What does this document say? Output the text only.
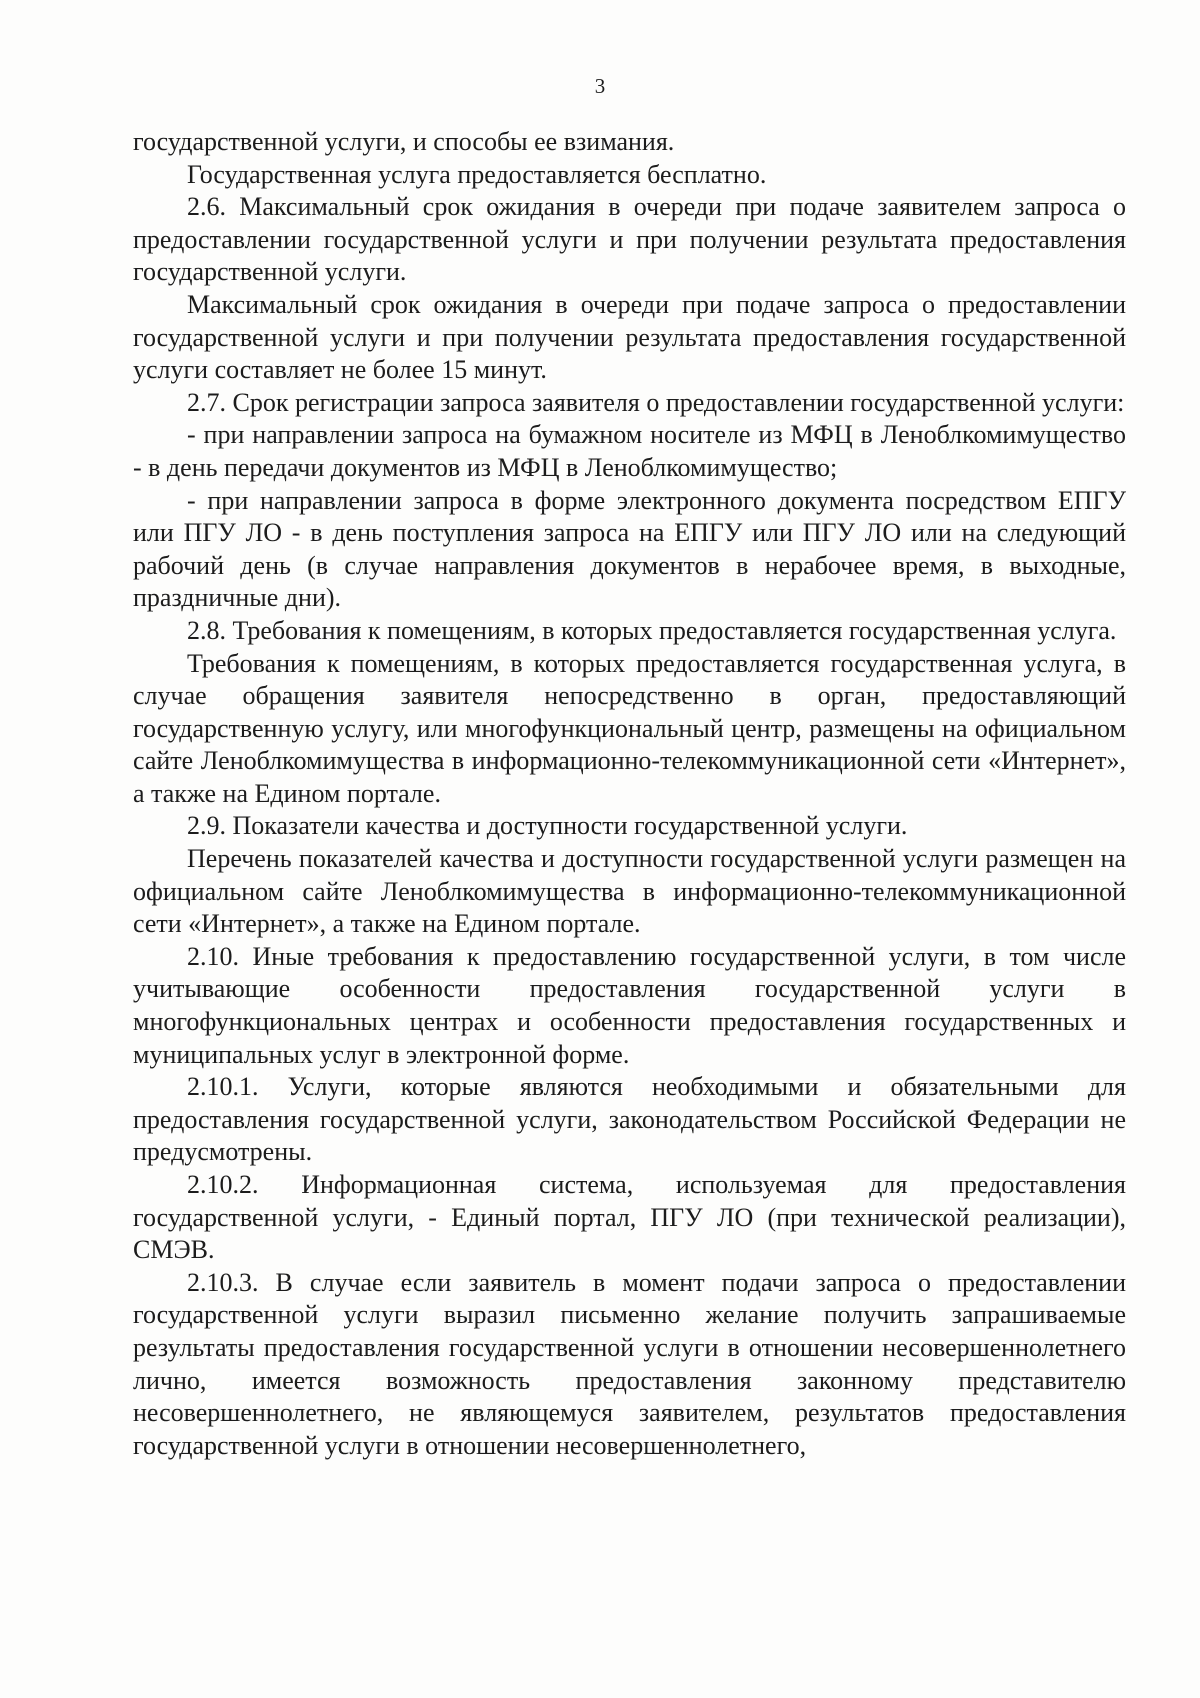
3

государственной услуги, и способы ее взимания.

Государственная услуга предоставляется бесплатно.

2.6. Максимальный срок ожидания в очереди при подаче заявителем запроса о предоставлении государственной услуги и при получении результата предоставления государственной услуги.

Максимальный срок ожидания в очереди при подаче запроса о предоставлении государственной услуги и при получении результата предоставления государственной услуги составляет не более 15 минут.

2.7. Срок регистрации запроса заявителя о предоставлении государственной услуги:

- при направлении запроса на бумажном носителе из МФЦ в Леноблкомимущество - в день передачи документов из МФЦ в Леноблкомимущество;

- при направлении запроса в форме электронного документа посредством ЕПГУ или ПГУ ЛО - в день поступления запроса на ЕПГУ или ПГУ ЛО или на следующий рабочий день (в случае направления документов в нерабочее время, в выходные, праздничные дни).

2.8. Требования к помещениям, в которых предоставляется государственная услуга.

Требования к помещениям, в которых предоставляется государственная услуга, в случае обращения заявителя непосредственно в орган, предоставляющий государственную услугу, или многофункциональный центр, размещены на официальном сайте Леноблкомимущества в информационно-телекоммуникационной сети «Интернет», а также на Едином портале.

2.9. Показатели качества и доступности государственной услуги.

Перечень показателей качества и доступности государственной услуги размещен на официальном сайте Леноблкомимущества в информационно-телекоммуникационной сети «Интернет», а также на Едином портале.

2.10. Иные требования к предоставлению государственной услуги, в том числе учитывающие особенности предоставления государственной услуги в многофункциональных центрах и особенности предоставления государственных и муниципальных услуг в электронной форме.

2.10.1. Услуги, которые являются необходимыми и обязательными для предоставления государственной услуги, законодательством Российской Федерации не предусмотрены.

2.10.2. Информационная система, используемая для предоставления государственной услуги, - Единый портал, ПГУ ЛО (при технической реализации), СМЭВ.

2.10.3. В случае если заявитель в момент подачи запроса о предоставлении государственной услуги выразил письменно желание получить запрашиваемые результаты предоставления государственной услуги в отношении несовершеннолетнего лично, имеется возможность предоставления законному представителю несовершеннолетнего, не являющемуся заявителем, результатов предоставления государственной услуги в отношении несовершеннолетнего,
